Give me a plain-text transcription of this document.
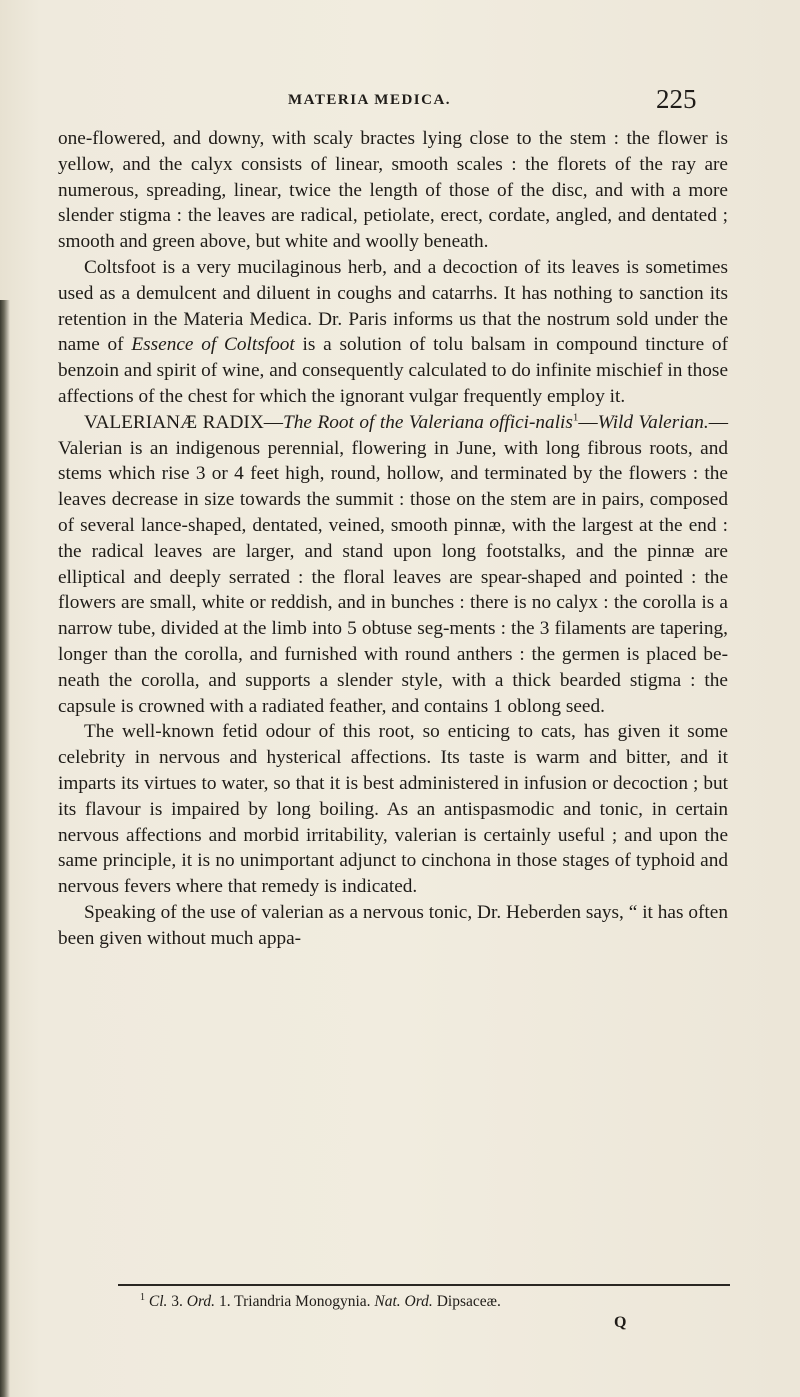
MATERIA MEDICA.	225

one-flowered, and downy, with scaly bractes lying close to the stem : the flower is yellow, and the calyx consists of linear, smooth scales : the florets of the ray are numerous, spreading, linear, twice the length of those of the disc, and with a more slender stigma : the leaves are radical, petiolate, erect, cordate, angled, and dentated ; smooth and green above, but white and woolly beneath.

Coltsfoot is a very mucilaginous herb, and a decoction of its leaves is sometimes used as a demulcent and diluent in coughs and catarrhs. It has nothing to sanction its retention in the Materia Medica. Dr. Paris informs us that the nostrum sold under the name of Essence of Coltsfoot is a solution of tolu balsam in compound tincture of benzoin and spirit of wine, and consequently calculated to do infinite mischief in those affections of the chest for which the ignorant vulgar frequently employ it.

VALERIANÆ RADIX—The Root of the Valeriana offici-nalis$^1$—Wild Valerian.—Valerian is an indigenous perennial, flowering in June, with long fibrous roots, and stems which rise 3 or 4 feet high, round, hollow, and terminated by the flowers : the leaves decrease in size towards the summit : those on the stem are in pairs, composed of several lance-shaped, dentated, veined, smooth pinnæ, with the largest at the end : the radical leaves are larger, and stand upon long footstalks, and the pinnæ are elliptical and deeply serrated : the floral leaves are spear-shaped and pointed : the flowers are small, white or reddish, and in bunches : there is no calyx : the corolla is a narrow tube, divided at the limb into 5 obtuse seg-ments : the 3 filaments are tapering, longer than the corolla, and furnished with round anthers : the germen is placed be-neath the corolla, and supports a slender style, with a thick bearded stigma : the capsule is crowned with a radiated feather, and contains 1 oblong seed.

The well-known fetid odour of this root, so enticing to cats, has given it some celebrity in nervous and hysterical affections. Its taste is warm and bitter, and it imparts its virtues to water, so that it is best administered in infusion or decoction ; but its flavour is impaired by long boiling. As an antispasmodic and tonic, in certain nervous affections and morbid irritability, valerian is certainly useful ; and upon the same principle, it is no unimportant adjunct to cinchona in those stages of typhoid and nervous fevers where that remedy is indicated.

Speaking of the use of valerian as a nervous tonic, Dr. Heberden says, “ it has often been given without much appa-

$^1$ Cl. 3. Ord. 1. Triandria Monogynia. Nat. Ord. Dipsaceæ.
Q
